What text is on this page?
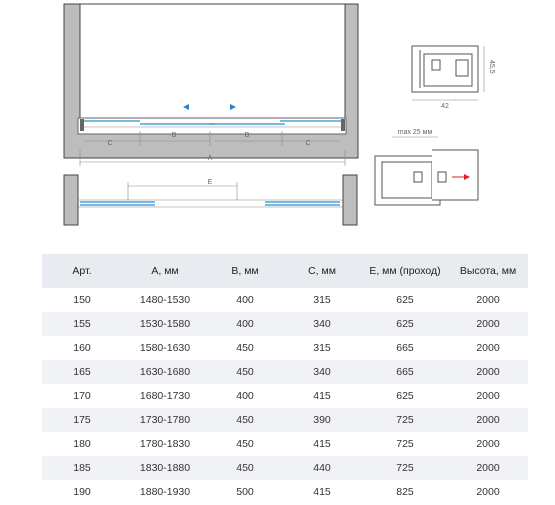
C
B	B
C
A
E
45,5
42
max 25 мм
Арт.	А, мм	В, мм	С, мм	Е, мм (проход)	Высота, мм
150	1480-1530	400	315	625	2000
155	1530-1580	400	340	625	2000
160	1580-1630	450	315	665	2000
165	1630-1680	450	340	665	2000
170	1680-1730	400	415	625	2000
175	1730-1780	450	390	725	2000
180	1780-1830	450	415	725	2000
185	1830-1880	450	440	725	2000
190	1880-1930	500	415	825	2000
